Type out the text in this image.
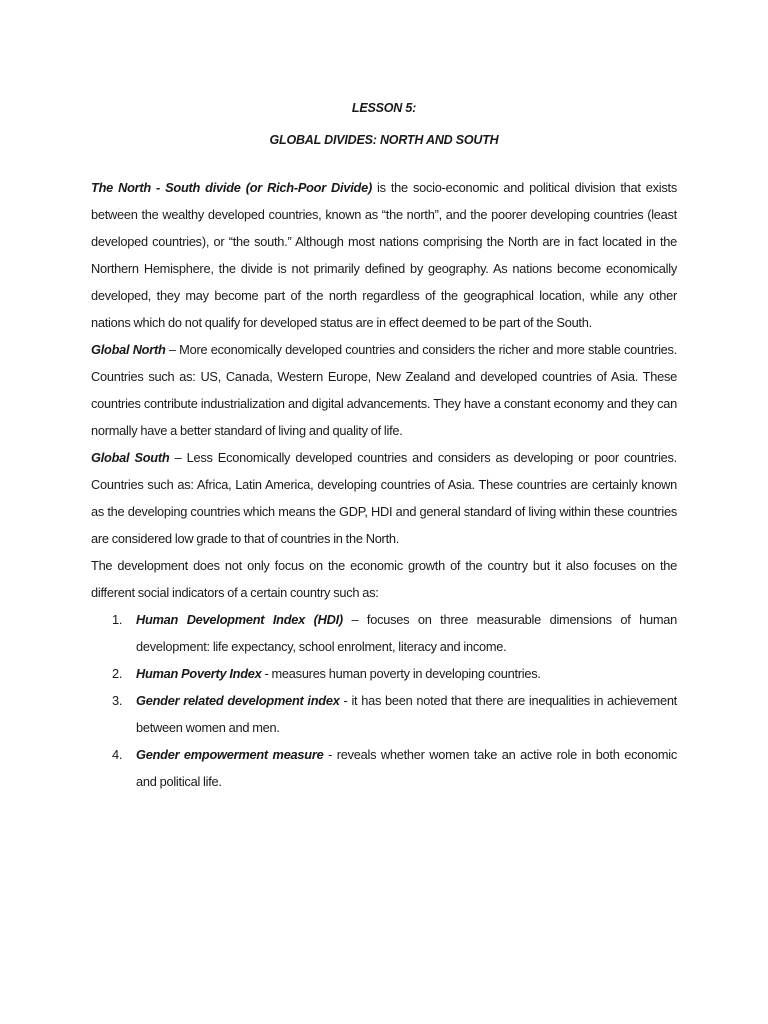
LESSON 5:
GLOBAL DIVIDES: NORTH AND SOUTH

The North - South divide (or Rich-Poor Divide) is the socio-economic and political division that exists between the wealthy developed countries, known as “the north”, and the poorer developing countries (least developed countries), or “the south.” Although most nations comprising the North are in fact located in the Northern Hemisphere, the divide is not primarily defined by geography. As nations become economically developed, they may become part of the north regardless of the geographical location, while any other nations which do not qualify for developed status are in effect deemed to be part of the South.

Global North – More economically developed countries and considers the richer and more stable countries. Countries such as: US, Canada, Western Europe, New Zealand and developed countries of Asia. These countries contribute industrialization and digital advancements. They have a constant economy and they can normally have a better standard of living and quality of life.

Global South – Less Economically developed countries and considers as developing or poor countries. Countries such as: Africa, Latin America, developing countries of Asia. These countries are certainly known as the developing countries which means the GDP, HDI and general standard of living within these countries are considered low grade to that of countries in the North.

The development does not only focus on the economic growth of the country but it also focuses on the different social indicators of a certain country such as:

1. Human Development Index (HDI) – focuses on three measurable dimensions of human development: life expectancy, school enrolment, literacy and income.
2. Human Poverty Index - measures human poverty in developing countries.
3. Gender related development index - it has been noted that there are inequalities in achievement between women and men.
4. Gender empowerment measure - reveals whether women take an active role in both economic and political life.
